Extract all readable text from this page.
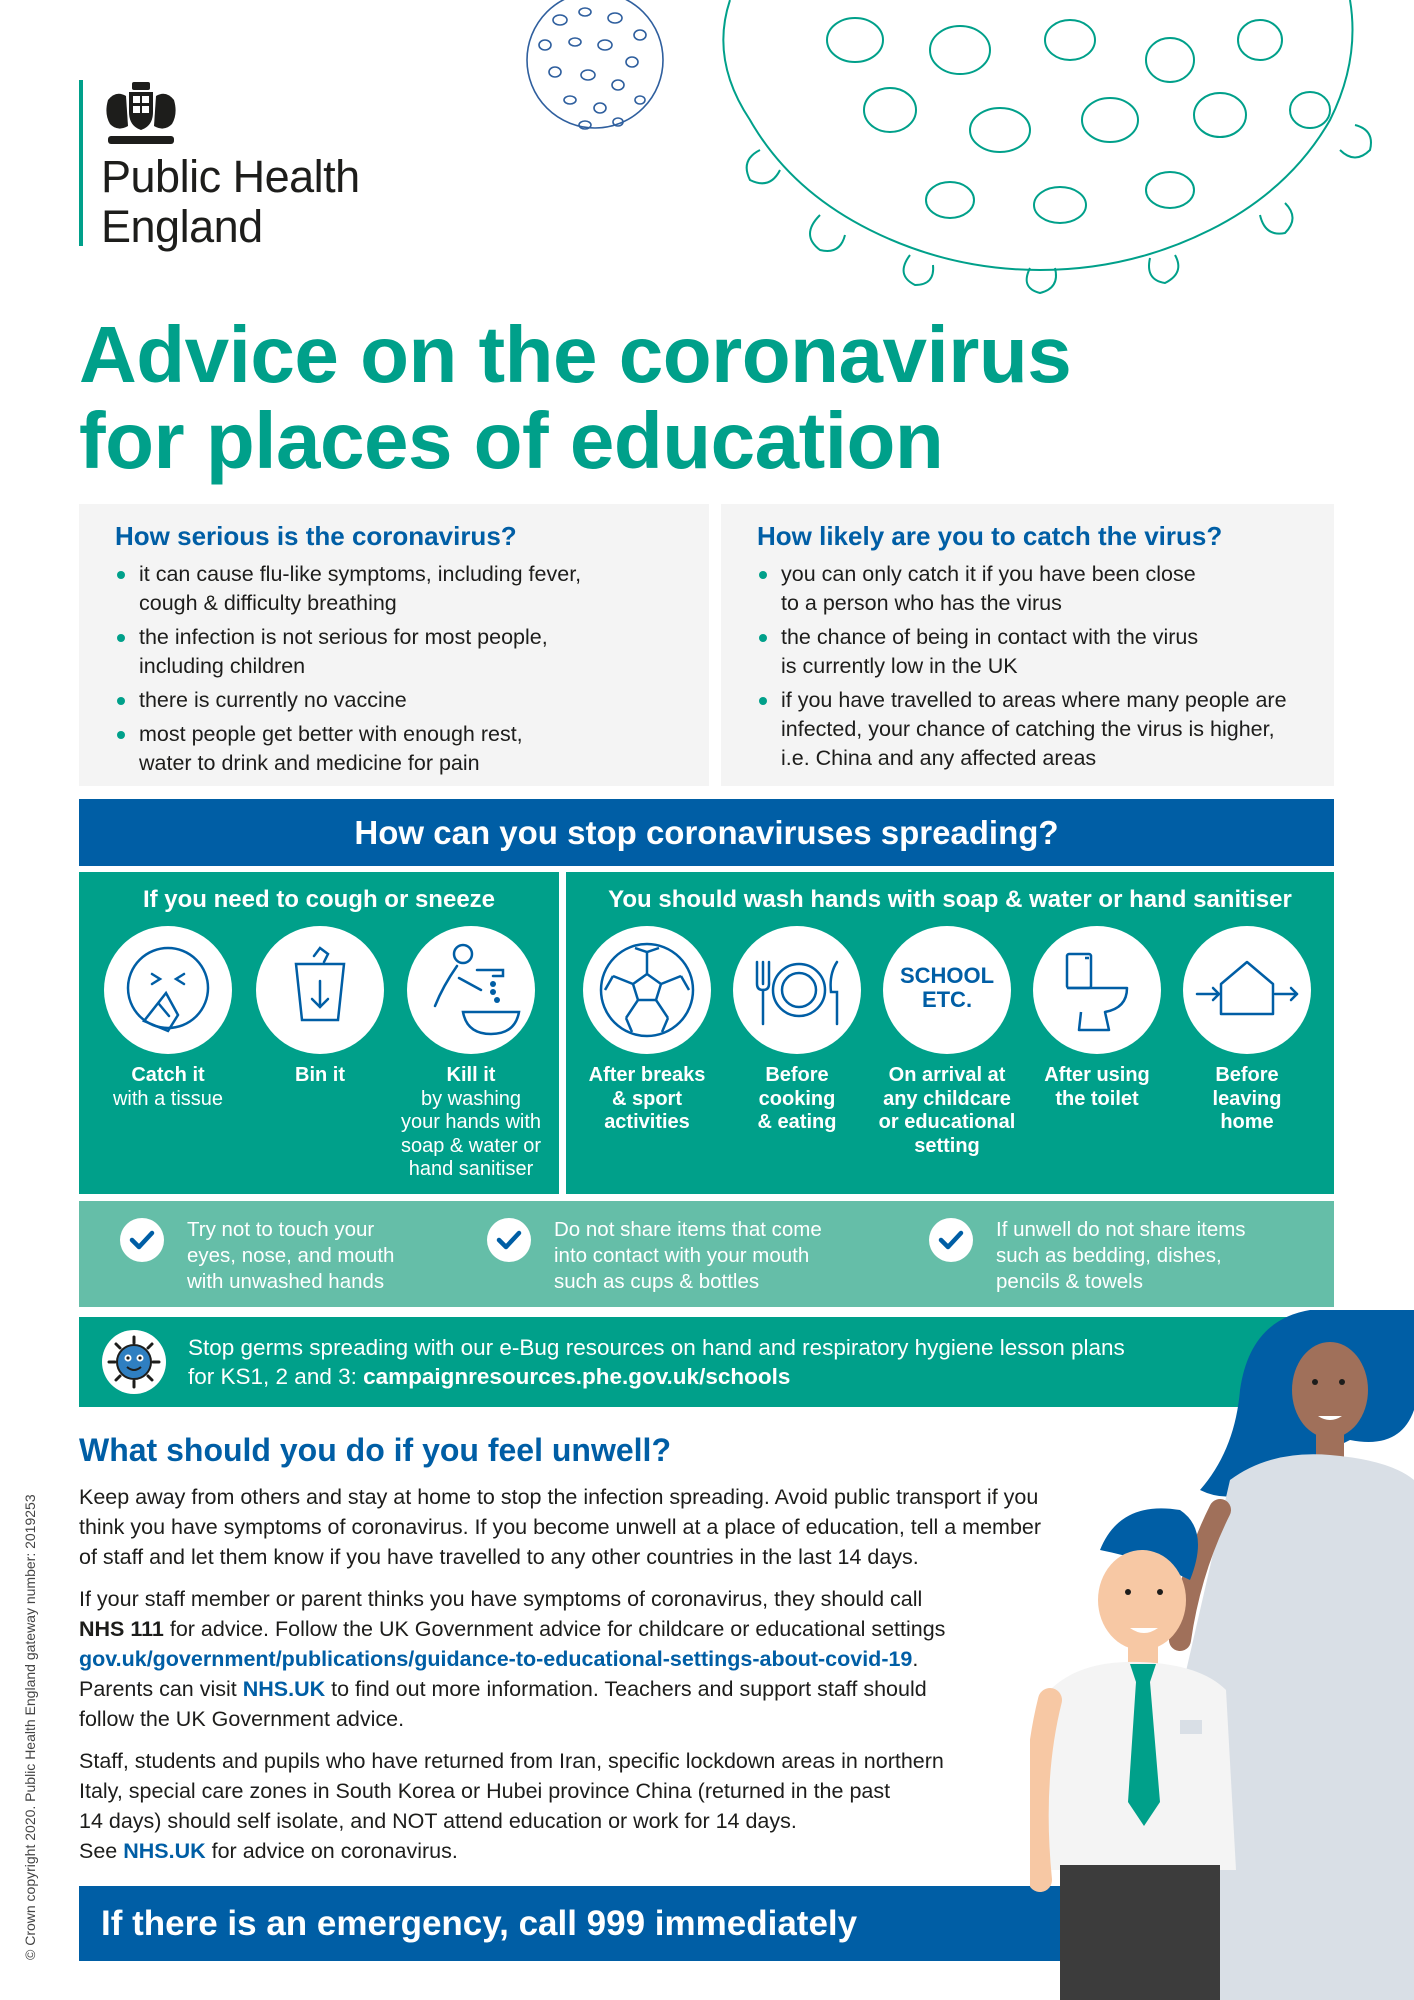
Public Health
England
Advice on the coronavirus
for places of education
How serious is the coronavirus?
it can cause flu-like symptoms, including fever,
cough & difficulty breathing
the infection is not serious for most people,
including children
there is currently no vaccine
most people get better with enough rest,
water to drink and medicine for pain
How likely are you to catch the virus?
you can only catch it if you have been close
to a person who has the virus
the chance of being in contact with the virus
is currently low in the UK
if you have travelled to areas where many people are
infected, your chance of catching the virus is higher,
i.e. China and any affected areas
How can you stop coronaviruses spreading?
If you need to cough or sneeze
Catch it
with a tissue
Bin it	Kill it
by washing
your hands with
soap & water or
hand sanitiser
You should wash hands with soap & water or hand sanitiser
SCHOOL
ETC.
After breaks
& sport
activities
Before
cooking
& eating
On arrival at
any childcare
or educational
setting
After using
the toilet
Before
leaving
home
Try not to touch your
eyes, nose, and mouth
with unwashed hands
Do not share items that come
into contact with your mouth
such as cups & bottles
If unwell do not share items
such as bedding, dishes,
pencils & towels
Stop germs spreading with our e-Bug resources on hand and respiratory hygiene lesson plans
for KS1, 2 and 3: campaignresources.phe.gov.uk/schools
What should you do if you feel unwell?
Keep away from others and stay at home to stop the infection spreading. Avoid public transport if you
think you have symptoms of coronavirus. If you become unwell at a place of education, tell a member
of staff and let them know if you have travelled to any other countries in the last 14 days.
If your staff member or parent thinks you have symptoms of coronavirus, they should call
NHS 111 for advice. Follow the UK Government advice for childcare or educational settings
gov.uk/government/publications/guidance-to-educational-settings-about-covid-19.
Parents can visit NHS.UK to find out more information. Teachers and support staff should
follow the UK Government advice.
Staff, students and pupils who have returned from Iran, specific lockdown areas in northern
Italy, special care zones in South Korea or Hubei province China (returned in the past
14 days) should self isolate, and NOT attend education or work for 14 days.
See NHS.UK for advice on coronavirus.
If there is an emergency, call 999 immediately
© Crown copyright 2020. Public Health England gateway number: 2019253
